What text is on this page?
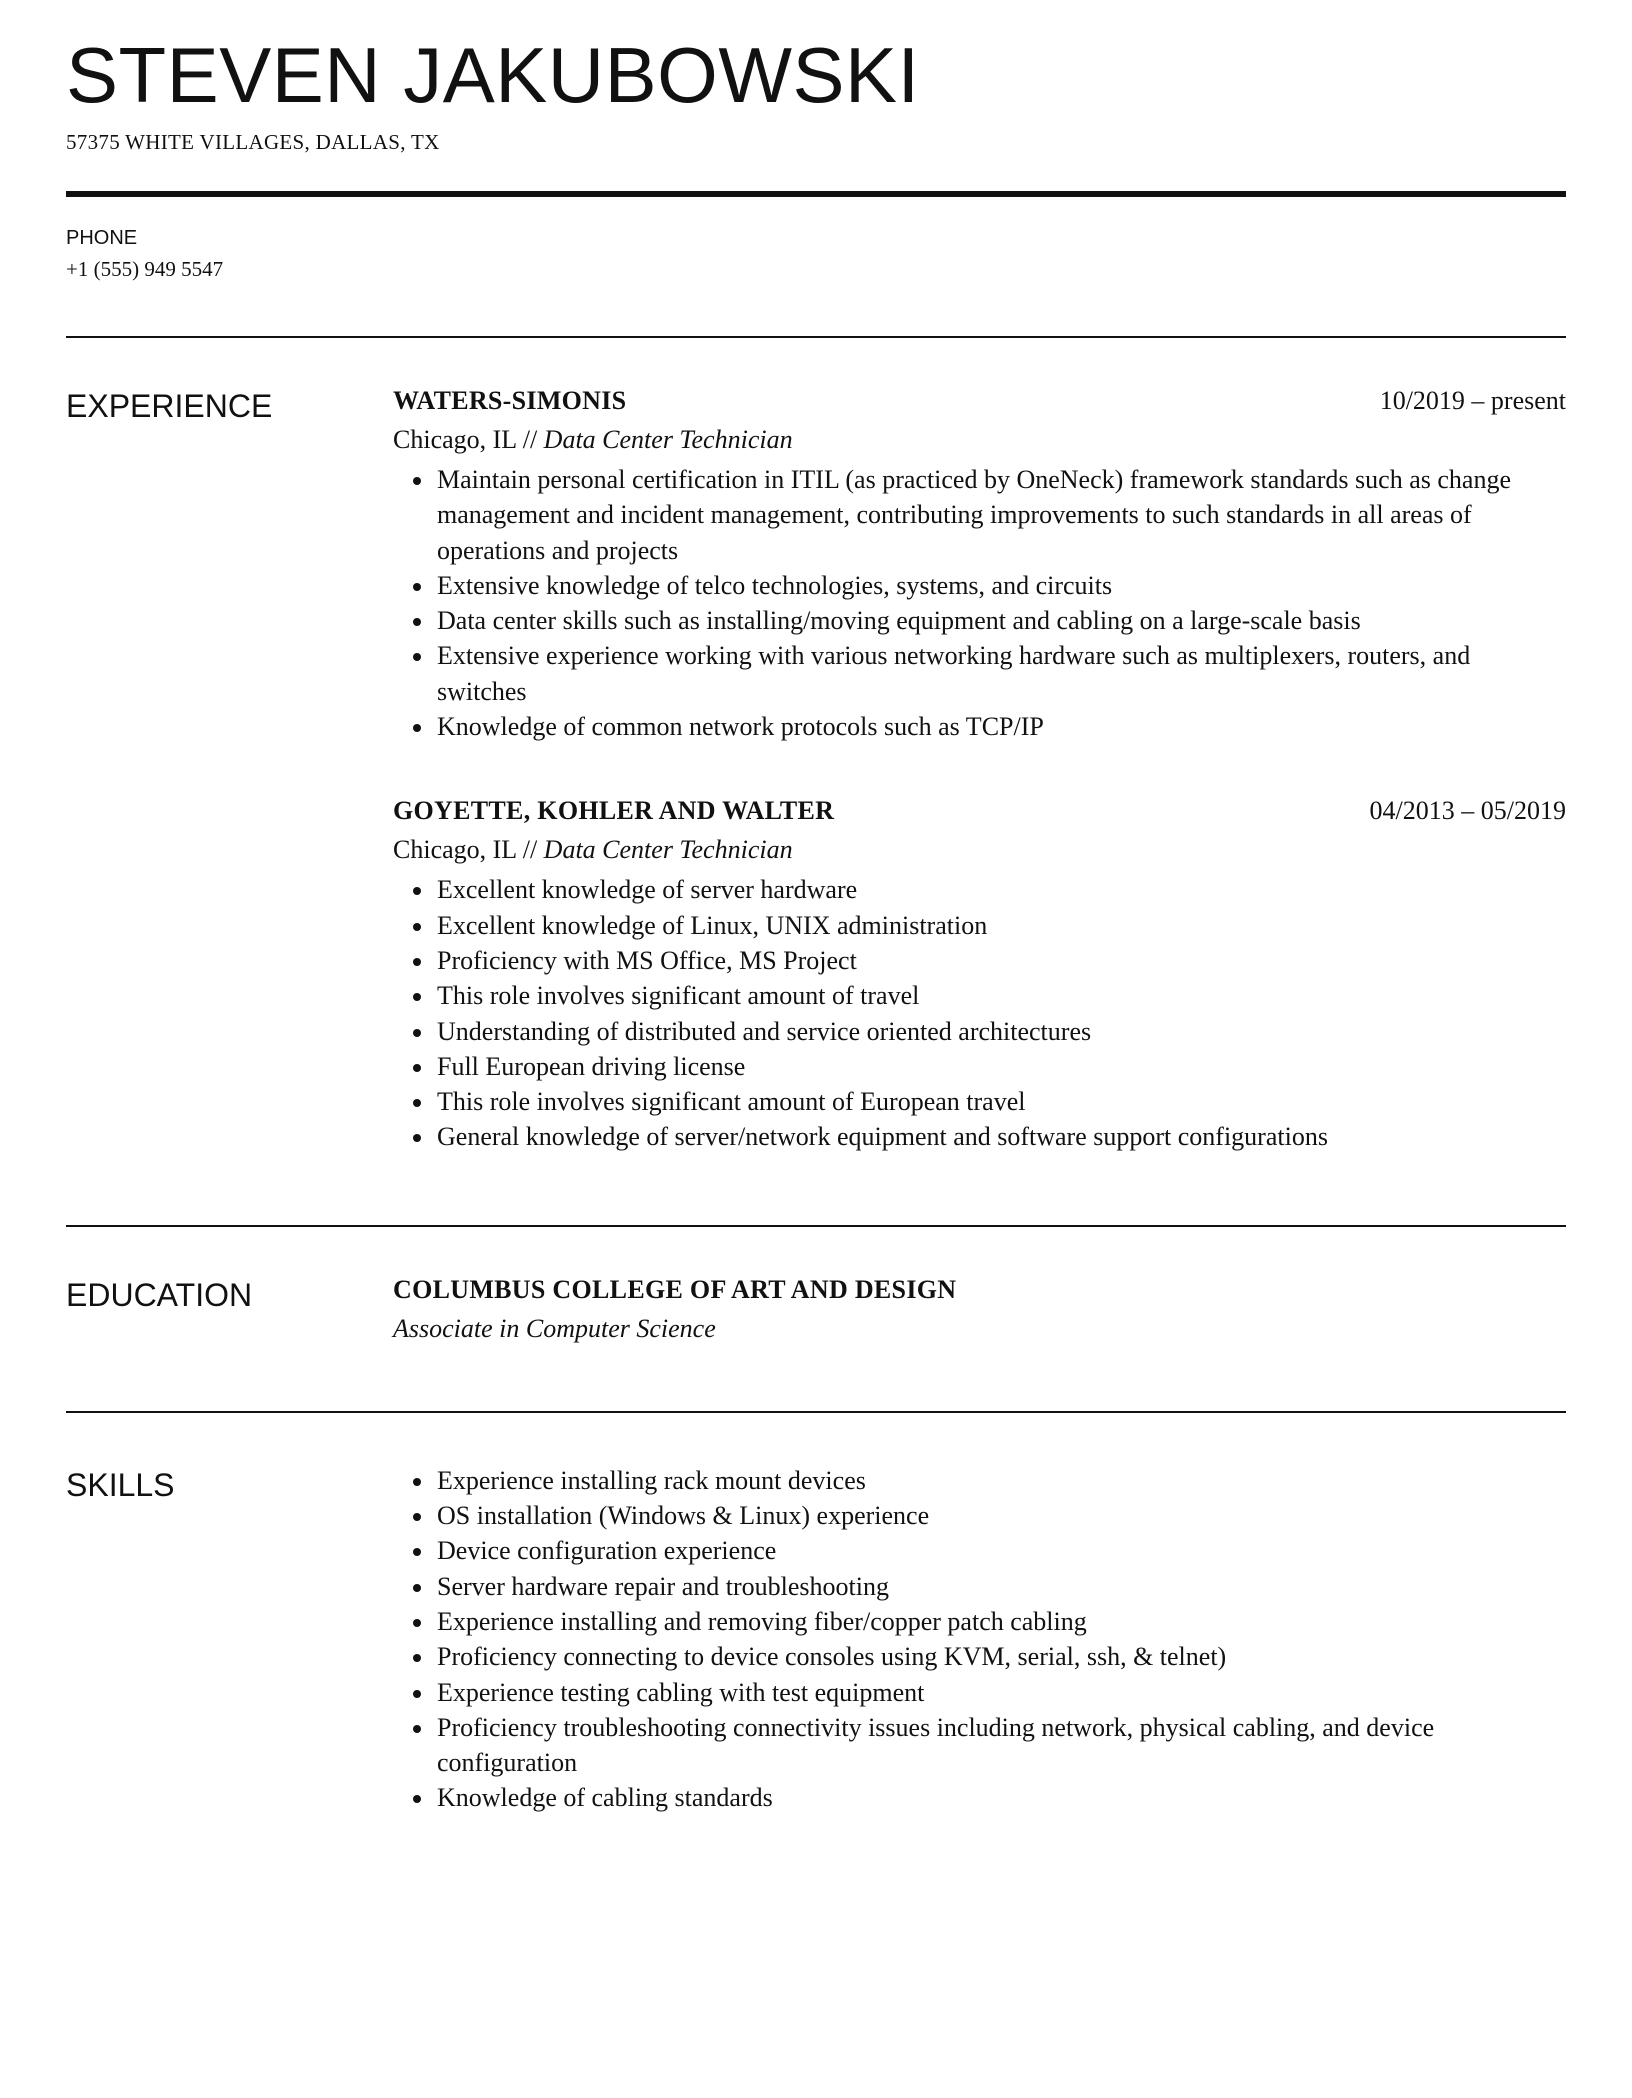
STEVEN JAKUBOWSKI
57375 WHITE VILLAGES, DALLAS, TX
PHONE
+1 (555) 949 5547
EXPERIENCE	WATERS-SIMONIS	10/2019 – present
Chicago, IL // Data Center Technician
Maintain personal certification in ITIL (as practiced by OneNeck) framework standards such as change management and incident management, contributing improvements to such standards in all areas of operations and projects
Extensive knowledge of telco technologies, systems, and circuits
Data center skills such as installing/moving equipment and cabling on a large-scale basis
Extensive experience working with various networking hardware such as multiplexers, routers, and switches
Knowledge of common network protocols such as TCP/IP
GOYETTE, KOHLER AND WALTER	04/2013 – 05/2019
Chicago, IL // Data Center Technician
Excellent knowledge of server hardware
Excellent knowledge of Linux, UNIX administration
Proficiency with MS Office, MS Project
This role involves significant amount of travel
Understanding of distributed and service oriented architectures
Full European driving license
This role involves significant amount of European travel
General knowledge of server/network equipment and software support configurations
EDUCATION	COLUMBUS COLLEGE OF ART AND DESIGN
Associate in Computer Science
SKILLS	Experience installing rack mount devices
OS installation (Windows & Linux) experience
Device configuration experience
Server hardware repair and troubleshooting
Experience installing and removing fiber/copper patch cabling
Proficiency connecting to device consoles using KVM, serial, ssh, & telnet)
Experience testing cabling with test equipment
Proficiency troubleshooting connectivity issues including network, physical cabling, and device configuration
Knowledge of cabling standards
